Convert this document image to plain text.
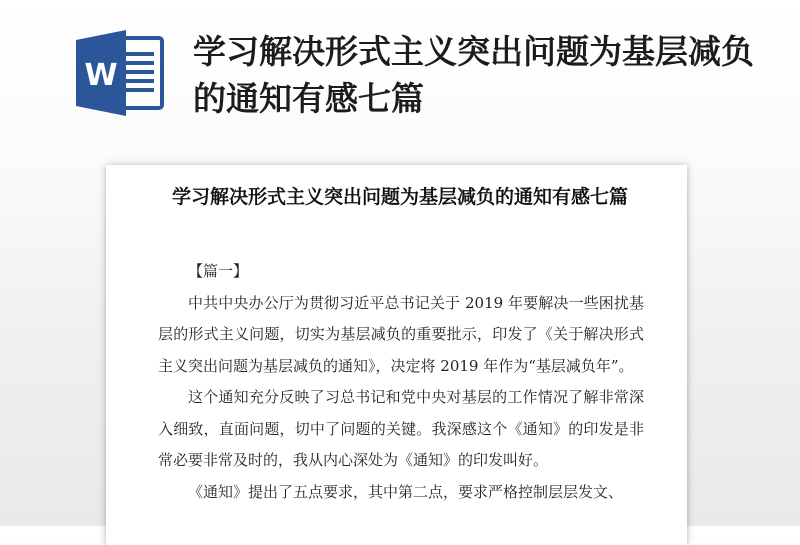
W
学习解决形式主义突出问题为基层减负的通知有感七篇
学习解决形式主义突出问题为基层减负的通知有感七篇

【篇一】

中共中央办公厅为贯彻习近平总书记关于 2019 年要解决一些困扰基层的形式主义问题，切实为基层减负的重要批示，印发了《关于解决形式主义突出问题为基层减负的通知》，决定将 2019 年作为“基层减负年”。

这个通知充分反映了习总书记和党中央对基层的工作情况了解非常深入细致，直面问题，切中了问题的关键。我深感这个《通知》的印发是非常必要非常及时的，我从内心深处为《通知》的印发叫好。

《通知》提出了五点要求，其中第二点，要求严格控制层层发文、
